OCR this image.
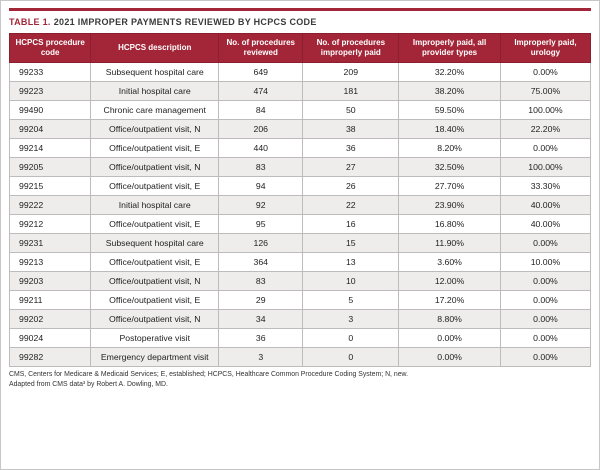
TABLE 1. 2021 IMPROPER PAYMENTS REVIEWED BY HCPCS CODE
HCPCS procedure code	HCPCS description	No. of procedures reviewed	No. of procedures improperly paid	Improperly paid, all provider types	Improperly paid, urology
99233	Subsequent hospital care	649	209	32.20%	0.00%
99223	Initial hospital care	474	181	38.20%	75.00%
99490	Chronic care management	84	50	59.50%	100.00%
99204	Office/outpatient visit, N	206	38	18.40%	22.20%
99214	Office/outpatient visit, E	440	36	8.20%	0.00%
99205	Office/outpatient visit, N	83	27	32.50%	100.00%
99215	Office/outpatient visit, E	94	26	27.70%	33.30%
99222	Initial hospital care	92	22	23.90%	40.00%
99212	Office/outpatient visit, E	95	16	16.80%	40.00%
99231	Subsequent hospital care	126	15	11.90%	0.00%
99213	Office/outpatient visit, E	364	13	3.60%	10.00%
99203	Office/outpatient visit, N	83	10	12.00%	0.00%
99211	Office/outpatient visit, E	29	5	17.20%	0.00%
99202	Office/outpatient visit, N	34	3	8.80%	0.00%
99024	Postoperative visit	36	0	0.00%	0.00%
99282	Emergency department visit	3	0	0.00%	0.00%
CMS, Centers for Medicare & Medicaid Services; E, established; HCPCS, Healthcare Common Procedure Coding System; N, new.
Adapted from CMS data³ by Robert A. Dowling, MD.
